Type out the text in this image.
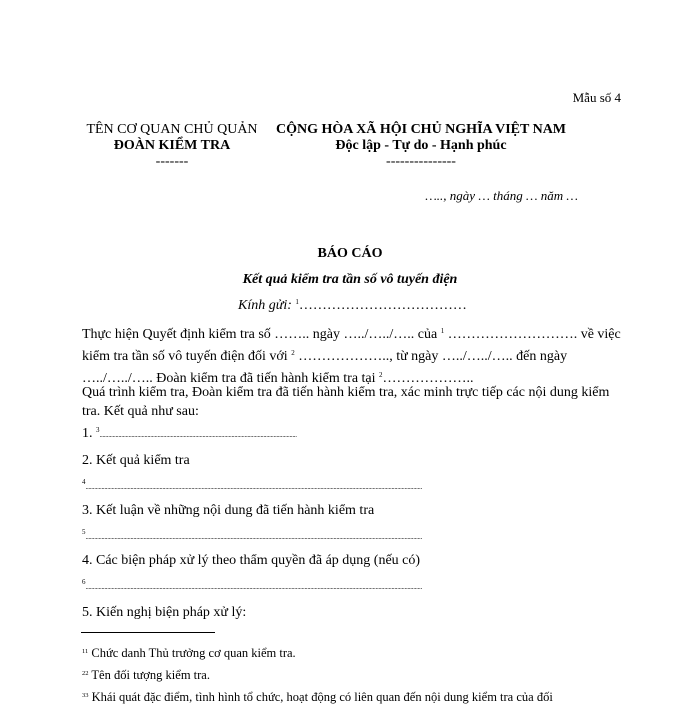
Mẫu số 4
TÊN CƠ QUAN CHỦ QUẢN
ĐOÀN KIỂM TRA
-------
CỘNG HÒA XÃ HỘI CHỦ NGHĨA VIỆT NAM
Độc lập - Tự do - Hạnh phúc
---------------
….., ngày … tháng … năm …
BÁO CÁO
Kết quả kiểm tra tần số vô tuyến điện
Kính gửi: $^1$………………………………
Thực hiện Quyết định kiểm tra số …….. ngày …../…../….. của $^1$ ………………………. về việc
kiểm tra tần số vô tuyến điện đối với $^2$ ……………….., từ ngày …../…../….. đến ngày
…../…../….. Đoàn kiểm tra đã tiến hành kiểm tra tại $^2$………………..
Quá trình kiểm tra, Đoàn kiểm tra đã tiến hành kiểm tra, xác minh trực tiếp các nội dung kiểm
tra. Kết quả như sau:
1. $^3$........................................................................................................................................
2. Kết quả kiểm tra
$^4$........................................................................................................................................................................................................................................
3. Kết luận về những nội dung đã tiến hành kiểm tra
$^5$........................................................................................................................................................................................................................................
4. Các biện pháp xử lý theo thẩm quyền đã áp dụng (nếu có)
$^6$........................................................................................................................................................................................................................................
5. Kiến nghị biện pháp xử lý:
$^{11}$ Chức danh Thủ trưởng cơ quan kiểm tra.
$^{22}$ Tên đối tượng kiểm tra.
$^{33}$ Khái quát đặc điểm, tình hình tổ chức, hoạt động có liên quan đến nội dung kiểm tra của đối
